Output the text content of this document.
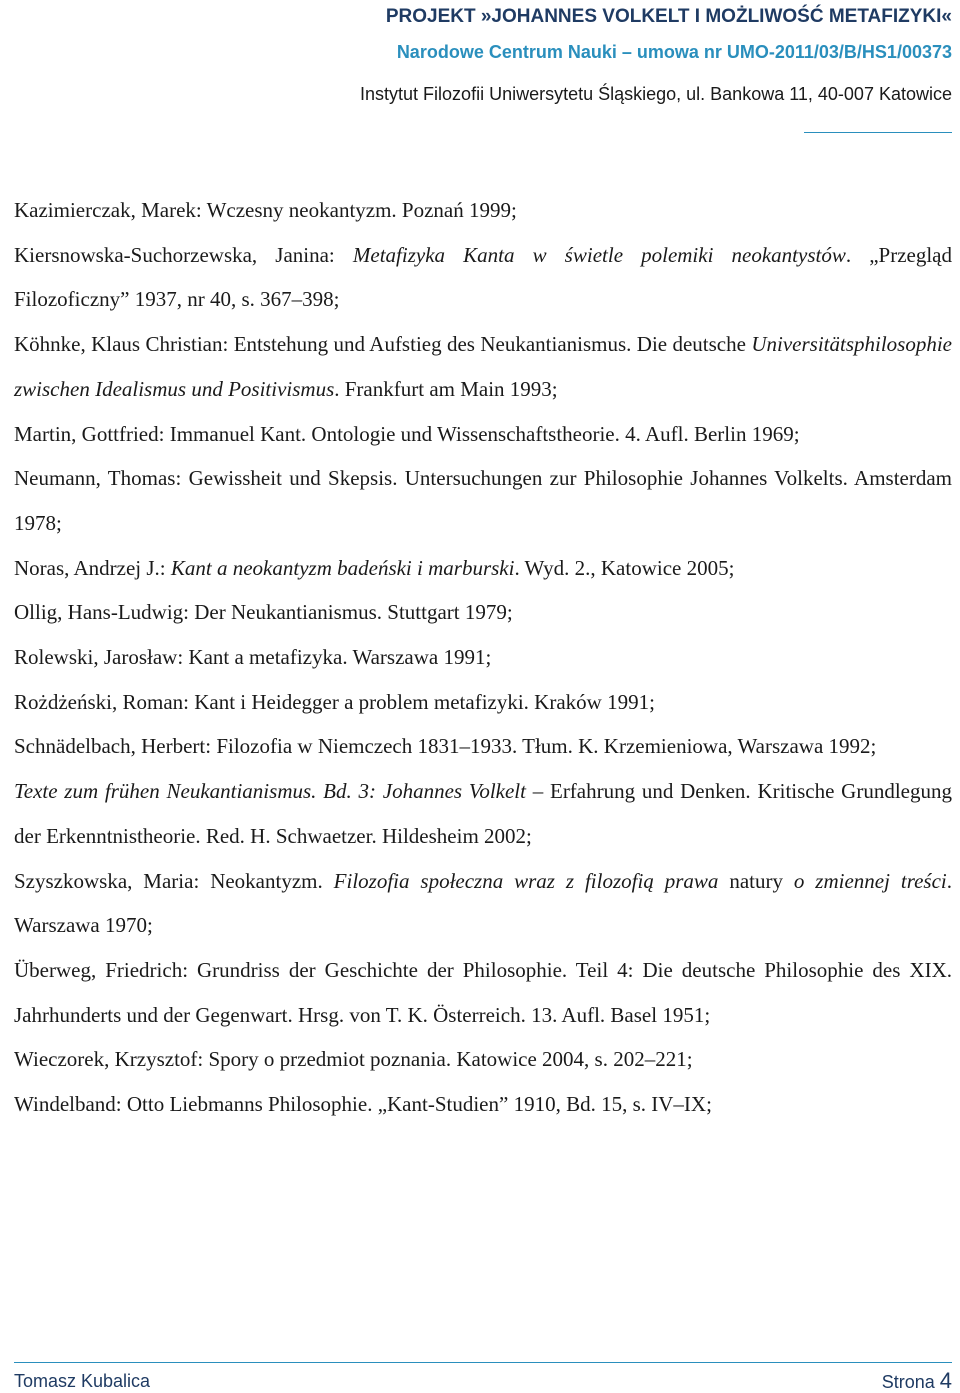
PROJEKT »JOHANNES VOLKELT I MOŻLIWOŚĆ METAFIZYKI«
Narodowe Centrum Nauki – umowa nr UMO-2011/03/B/HS1/00373
Instytut Filozofii Uniwersytetu Śląskiego, ul. Bankowa 11, 40-007 Katowice

Kazimierczak, Marek: Wczesny neokantyzm. Poznań 1999;

Kiersnowska-Suchorzewska, Janina: Metafizyka Kanta w świetle polemiki neokantystów. „Przegląd Filozoficzny” 1937, nr 40, s. 367–398;

Köhnke, Klaus Christian: Entstehung und Aufstieg des Neukantianismus. Die deutsche Universitätsphilosophie zwischen Idealismus und Positivismus. Frankfurt am Main 1993;

Martin, Gottfried: Immanuel Kant. Ontologie und Wissenschaftstheorie. 4. Aufl. Berlin 1969;

Neumann, Thomas: Gewissheit und Skepsis. Untersuchungen zur Philosophie Johannes Volkelts. Amsterdam 1978;

Noras, Andrzej J.: Kant a neokantyzm badeński i marburski. Wyd. 2., Katowice 2005;

Ollig, Hans-Ludwig: Der Neukantianismus. Stuttgart 1979;

Rolewski, Jarosław: Kant a metafizyka. Warszawa 1991;

Rożdżeński, Roman: Kant i Heidegger a problem metafizyki. Kraków 1991;

Schnädelbach, Herbert: Filozofia w Niemczech 1831–1933. Tłum. K. Krzemieniowa, Warszawa 1992;

Texte zum frühen Neukantianismus. Bd. 3: Johannes Volkelt – Erfahrung und Denken. Kritische Grundlegung der Erkenntnistheorie. Red. H. Schwaetzer. Hildesheim 2002;

Szyszkowska, Maria: Neokantyzm. Filozofia społeczna wraz z filozofią prawa natury o zmiennej treści. Warszawa 1970;

Überweg, Friedrich: Grundriss der Geschichte der Philosophie. Teil 4: Die deutsche Philosophie des XIX. Jahrhunderts und der Gegenwart. Hrsg. von T. K. Österreich. 13. Aufl. Basel 1951;

Wieczorek, Krzysztof: Spory o przedmiot poznania. Katowice 2004, s. 202–221;

Windelband: Otto Liebmanns Philosophie. „Kant-Studien” 1910, Bd. 15, s. IV–IX;

Tomasz Kubalica	Strona 4
